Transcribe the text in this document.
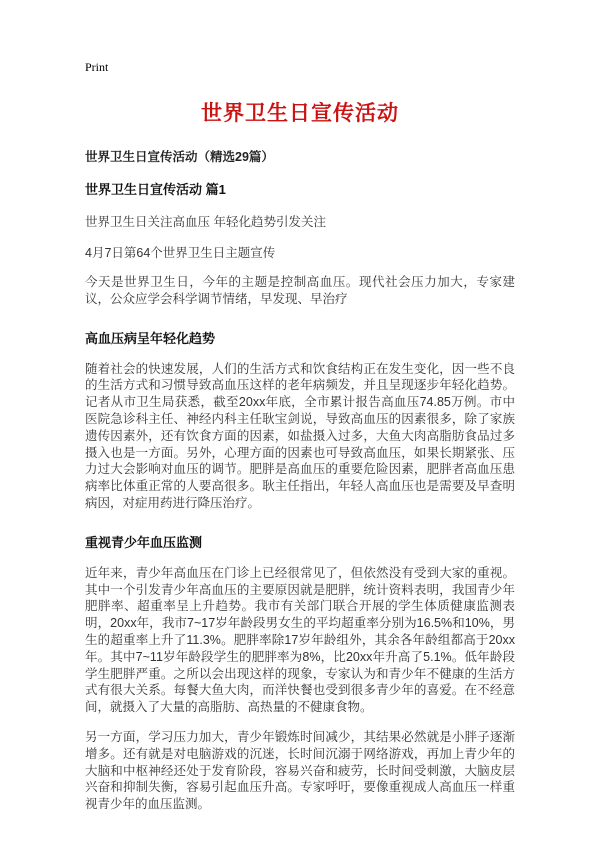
Print
世界卫生日宣传活动
世界卫生日宣传活动（精选29篇）
世界卫生日宣传活动 篇1
世界卫生日关注高血压 年轻化趋势引发关注
4月7日第64个世界卫生日主题宣传

今天是世界卫生日，今年的主题是控制高血压。现代社会压力加大，专家建议，公众应学会科学调节情绪，早发现、早治疗

高血压病呈年轻化趋势

随着社会的快速发展，人们的生活方式和饮食结构正在发生变化，因一些不良的生活方式和习惯导致高血压这样的老年病频发，并且呈现逐步年轻化趋势。记者从市卫生局获悉，截至20xx年底，全市累计报告高血压74.85万例。市中医院急诊科主任、神经内科主任耿宝剑说，导致高血压的因素很多，除了家族遗传因素外，还有饮食方面的因素，如盐摄入过多，大鱼大肉高脂肪食品过多摄入也是一方面。另外，心理方面的因素也可导致高血压，如果长期紧张、压力过大会影响对血压的调节。肥胖是高血压的重要危险因素，肥胖者高血压患病率比体重正常的人要高很多。耿主任指出，年轻人高血压也是需要及早查明病因，对症用药进行降压治疗。

重视青少年血压监测

近年来，青少年高血压在门诊上已经很常见了，但依然没有受到大家的重视。其中一个引发青少年高血压的主要原因就是肥胖，统计资料表明，我国青少年肥胖率、超重率呈上升趋势。我市有关部门联合开展的学生体质健康监测表明，20xx年，我市7~17岁年龄段男女生的平均超重率分别为16.5%和10%，男生的超重率上升了11.3%。肥胖率除17岁年龄组外，其余各年龄组都高于20xx年。其中7~11岁年龄段学生的肥胖率为8%，比20xx年升高了5.1%。低年龄段学生肥胖严重。之所以会出现这样的现象，专家认为和青少年不健康的生活方式有很大关系。每餐大鱼大肉，而洋快餐也受到很多青少年的喜爱。在不经意间，就摄入了大量的高脂肪、高热量的不健康食物。

另一方面，学习压力加大，青少年锻炼时间减少，其结果必然就是小胖子逐渐增多。还有就是对电脑游戏的沉迷，长时间沉溺于网络游戏，再加上青少年的大脑和中枢神经还处于发育阶段，容易兴奋和疲劳，长时间受刺激，大脑皮层兴奋和抑制失衡，容易引起血压升高。专家呼吁，要像重视成人高血压一样重视青少年的血压监测。
